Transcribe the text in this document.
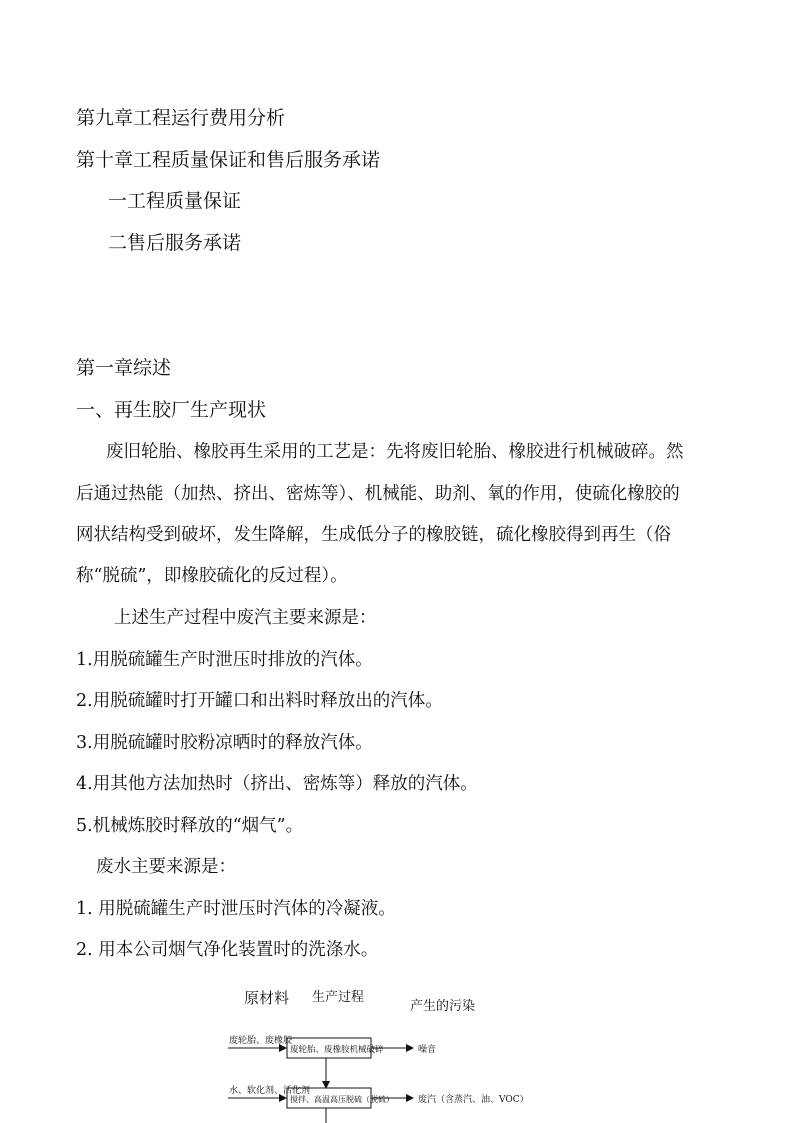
第九章工程运行费用分析
第十章工程质量保证和售后服务承诺
一工程质量保证
二售后服务承诺
第一章综述
一、再生胶厂生产现状
废旧轮胎、橡胶再生采用的工艺是：先将废旧轮胎、橡胶进行机械破碎。然
后通过热能（加热、挤出、密炼等）、机械能、助剂、氧的作用，使硫化橡胶的
网状结构受到破坏，发生降解，生成低分子的橡胶链，硫化橡胶得到再生（俗
称“脱硫”，即橡胶硫化的反过程）。
上述生产过程中废汽主要来源是：
1.用脱硫罐生产时泄压时排放的汽体。
2.用脱硫罐时打开罐口和出料时释放出的汽体。
3.用脱硫罐时胶粉凉晒时的释放汽体。
4.用其他方法加热时（挤出、密炼等）释放的汽体。
5.机械炼胶时释放的“烟气”。
废水主要来源是：
1. 用脱硫罐生产时泄压时汽体的冷凝液。
2. 用本公司烟气净化装置时的洗涤水。
原材料 生产过程
产生的污染
废轮胎、废橡胶
废轮胎、废橡胶机械破碎	噪音
水、软化剂、活化剂
搅拌、高温高压脱硫（脱硫）	废汽（含蒸汽、油、VOC）
